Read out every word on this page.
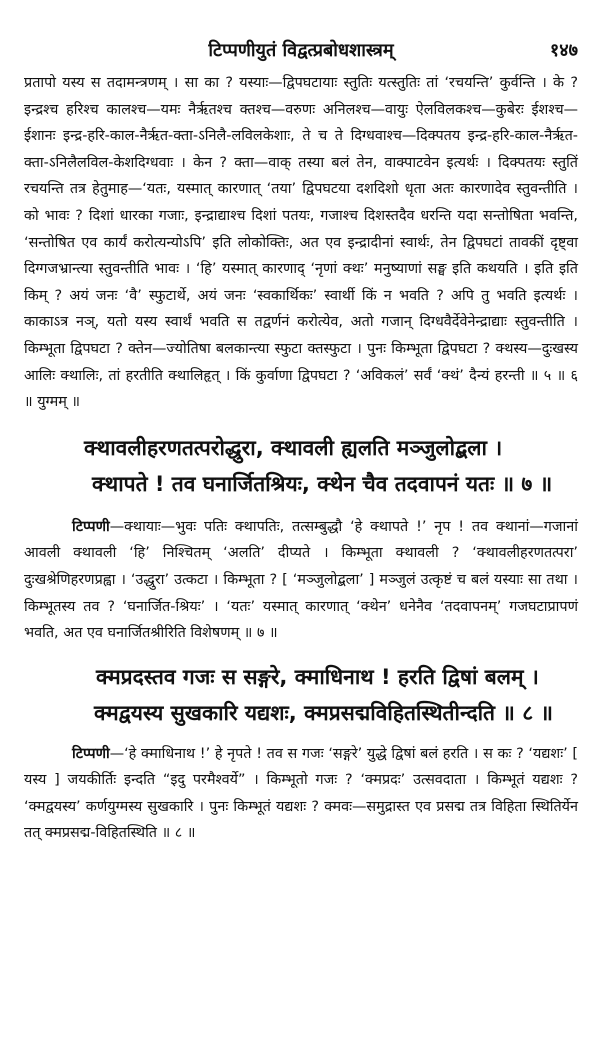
टिप्पणीयुतं विद्वत्प्रबोधशास्त्रम्	१४७

प्रतापो यस्य स तदामन्त्रणम् । सा का ? यस्याः—द्विपघटायाः स्तुतिः यत्स्तुतिः तां ‘रचयन्ति’ कुर्वन्ति । के ? इन्द्रश्च हरिश्च कालश्च—यमः नैर्ऋतश्च क्तश्च—वरुणः अनिलश्च—वायुः ऐलविलकश्च—कुबेरः ईशश्च—ईशानः इन्द्र-हरि-काल-नैर्ऋत-क्ता-ऽनिलै-लविलकेशाः, ते च ते दिग्धवाश्च—दिक्पतय इन्द्र-हरि-काल-नैर्ऋत-क्ता-ऽनिलैलविल-केशदिग्धवाः । केन ? क्ता—वाक् तस्या बलं तेन, वाक्पाटवेन इत्यर्थः । दिक्पतयः स्तुतिं रचयन्ति तत्र हेतुमाह—‘यतः, यस्मात् कारणात् ‘तया’ द्विपघटया दशदिशो धृता अतः कारणादेव स्तुवन्तीति । को भावः ? दिशां धारका गजाः, इन्द्राद्याश्च दिशां पतयः, गजाश्च दिशस्तदैव धरन्ति यदा सन्तोषिता भवन्ति, ‘सन्तोषित एव कार्यं करोत्यन्योऽपि’ इति लोकोक्तिः, अत एव इन्द्रादीनां स्वार्थः, तेन द्विपघटां तावकीं दृष्ट्वा दिग्गजभ्रान्त्या स्तुवन्तीति भावः । ‘हि’ यस्मात् कारणाद् ‘नृणां क्थः’ मनुष्याणां सङ्घ इति कथयति । इति इति किम् ? अयं जनः ‘वै’ स्फुटार्थे, अयं जनः ‘स्वकार्थिकः’ स्वार्थी किं न भवति ? अपि तु भवति इत्यर्थः । काकाऽत्र नञ्, यतो यस्य स्वार्थं भवति स तद्वर्णनं करोत्येव, अतो गजान् दिग्धवैर्देवेनेन्द्राद्याः स्तुवन्तीति । किम्भूता द्विपघटा ? क्तेन—ज्योतिषा बलकान्त्या स्फुटा क्तस्फुटा । पुनः किम्भूता द्विपघटा ? क्थस्य—दुःखस्य आलिः क्थालिः, तां हरतीति क्थालिहृत् । किं कुर्वाणा द्विपघटा ? ‘अविकलं’ सर्वं ‘क्थं’ दैन्यं हरन्ती ॥ ५ ॥ ६ ॥ युग्मम् ॥

क्थावलीहरणतत्परोद्धुरा, क्थावली ह्यलति मञ्जुलोद्बला ।

क्थापते ! तव घनार्जितश्रियः, क्थेन चैव तदवापनं यतः ॥ ७ ॥

टिप्पणी—क्थायाः—भुवः पतिः क्थापतिः, तत्सम्बुद्धौ ‘हे क्थापते !’ नृप ! तव क्थानां—गजानां आवली क्थावली ‘हि’ निश्चितम् ‘अलति’ दीप्यते । किम्भूता क्थावली ? ‘क्थावलीहरणतत्परा’ दुःखश्रेणिहरणप्रह्वा । ‘उद्धुरा’ उत्कटा । किम्भूता ? [ ‘मञ्जुलोद्बला’ ] मञ्जुलं उत्कृष्टं च बलं यस्याः सा तथा । किम्भूतस्य तव ? ‘घनार्जित-श्रियः’ । ‘यतः’ यस्मात् कारणात् ‘क्थेन’ धनेनैव ‘तदवापनम्’ गजघटाप्रापणं भवति, अत एव घनार्जितश्रीरिति विशेषणम् ॥ ७ ॥

क्मप्रदस्तव गजः स सङ्गरे, क्माधिनाथ ! हरति द्विषां बलम् ।

क्मद्वयस्य सुखकारि यद्यशः, क्मप्रसद्मविहितस्थितीन्दति ॥ ८ ॥

टिप्पणी—‘हे क्माधिनाथ !’ हे नृपते ! तव स गजः ‘सङ्गरे’ युद्धे द्विषां बलं हरति । स कः ? ‘यद्यशः’ [ यस्य ] जयकीर्तिः इन्दति “इदु परमैश्वर्ये” । किम्भूतो गजः ? ‘क्मप्रदः’ उत्सवदाता । किम्भूतं यद्यशः ? ‘क्मद्वयस्य’ कर्णयुग्मस्य सुखकारि । पुनः किम्भूतं यद्यशः ? क्मवः—समुद्रास्त एव प्रसद्म तत्र विहिता स्थितिर्येन तत् क्मप्रसद्म-विहितस्थिति ॥ ८ ॥
